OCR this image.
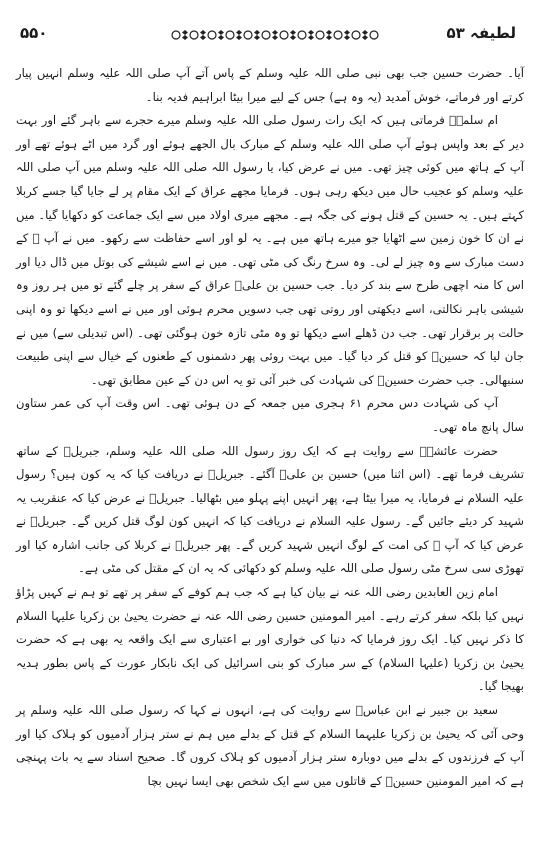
۵۵۰	لطیفہ ۵۳

آیا۔ حضرت حسین جب بھی نبی صلی اللہ علیہ وسلم کے پاس آتے آپ صلی اللہ علیہ وسلم انہیں پیار کرتے اور فرماتے، خوش آمدید (یہ وہ ہے) جس کے لیے میرا بیٹا ابراہیم فدیہ بنا۔

ام سلمہؓ فرماتی ہیں کہ ایک رات رسول صلی اللہ علیہ وسلم میرے حجرے سے باہر گئے اور بہت دیر کے بعد واپس ہوئے آپ صلی اللہ علیہ وسلم کے مبارک بال الجھے ہوئے اور گرد میں اٹے ہوئے تھے اور آپ کے ہاتھ میں کوئی چیز تھی۔ میں نے عرض کیا، یا رسول اللہ صلی اللہ علیہ وسلم میں آپ صلی اللہ علیہ وسلم کو عجیب حال میں دیکھ رہی ہوں۔ فرمایا مجھے عراق کے ایک مقام پر لے جایا گیا جسے کربلا کہتے ہیں۔ یہ حسین کے قتل ہونے کی جگہ ہے۔ مجھے میری اولاد میں سے ایک جماعت کو دکھایا گیا۔ میں نے ان کا خون زمین سے اٹھایا جو میرے ہاتھ میں ہے۔ یہ لو اور اسے حفاظت سے رکھو۔ میں نے آپ ﷺ کے دست مبارک سے وہ چیز لے لی۔ وہ سرخ رنگ کی مٹی تھی۔ میں نے اسے شیشے کی بوتل میں ڈال دیا اور اس کا منہ اچھی طرح سے بند کر دیا۔ جب حسین بن علیؓ عراق کے سفر پر چلے گئے تو میں ہر روز وہ شیشی باہر نکالتی، اسے دیکھتی اور روتی تھی جب دسویں محرم ہوئی اور میں نے اسے دیکھا تو وہ اپنی حالت پر برقرار تھی۔ جب دن ڈھلے اسے دیکھا تو وہ مٹی تازہ خون ہوگئی تھی۔ (اس تبدیلی سے) میں نے جان لیا کہ حسینؓ کو قتل کر دیا گیا۔ میں بہت روئی پھر دشمنوں کے طعنوں کے خیال سے اپنی طبیعت سنبھالی۔ جب حضرت حسینؓ کی شہادت کی خبر آئی تو یہ اس دن کے عین مطابق تھی۔

آپ کی شہادت دس محرم ۶۱ ہجری میں جمعہ کے دن ہوئی تھی۔ اس وقت آپ کی عمر ستاون سال پانچ ماہ تھی۔

حضرت عائشہؓ سے روایت ہے کہ ایک روز رسول اللہ صلی اللہ علیہ وسلم، جبریلؑ کے ساتھ تشریف فرما تھے۔ (اس اثنا میں) حسین بن علیؓ آگئے۔ جبریلؑ نے دریافت کیا کہ یہ کون ہیں؟ رسول علیہ السلام نے فرمایا، یہ میرا بیٹا ہے، پھر انہیں اپنے پہلو میں بٹھالیا۔ جبریلؑ نے عرض کیا کہ عنقریب یہ شہید کر دیئے جائیں گے۔ رسول علیہ السلام نے دریافت کیا کہ انہیں کون لوگ قتل کریں گے۔ جبریلؑ نے عرض کیا کہ آپ ﷺ کی امت کے لوگ انہیں شہید کریں گے۔ پھر جبریلؑ نے کربلا کی جانب اشارہ کیا اور تھوڑی سی سرخ مٹی رسول صلی اللہ علیہ وسلم کو دکھائی کہ یہ ان کے مقتل کی مٹی ہے۔

امام زین العابدین رضی اللہ عنہ نے بیان کیا ہے کہ جب ہم کوفے کے سفر پر تھے تو ہم نے کہیں پڑاؤ نہیں کیا بلکہ سفر کرتے رہے۔ امیر المومنین حسین رضی اللہ عنہ نے حضرت یحییٰ بن زکریا علیہا السلام کا ذکر نہیں کیا۔ ایک روز فرمایا کہ دنیا کی خواری اور بے اعتباری سے ایک واقعہ یہ بھی ہے کہ حضرت یحییٰ بن زکریا (علیہا السلام) کے سر مبارک کو بنی اسرائیل کی ایک نابکار عورت کے پاس بطور ہدیہ بھیجا گیا۔

سعید بن جبیر نے ابن عباسؓ سے روایت کی ہے، انہوں نے کہا کہ رسول صلی اللہ علیہ وسلم پر وحی آئی کہ یحییٰ بن زکریا علیہما السلام کے قتل کے بدلے میں ہم نے ستر ہزار آدمیوں کو ہلاک کیا اور آپ کے فرزندوں کے بدلے میں دوبارہ ستر ہزار آدمیوں کو ہلاک کروں گا۔ صحیح اسناد سے یہ بات پہنچی ہے کہ امیر المومنین حسینؓ کے قاتلوں میں سے ایک شخص بھی ایسا نہیں بچا
